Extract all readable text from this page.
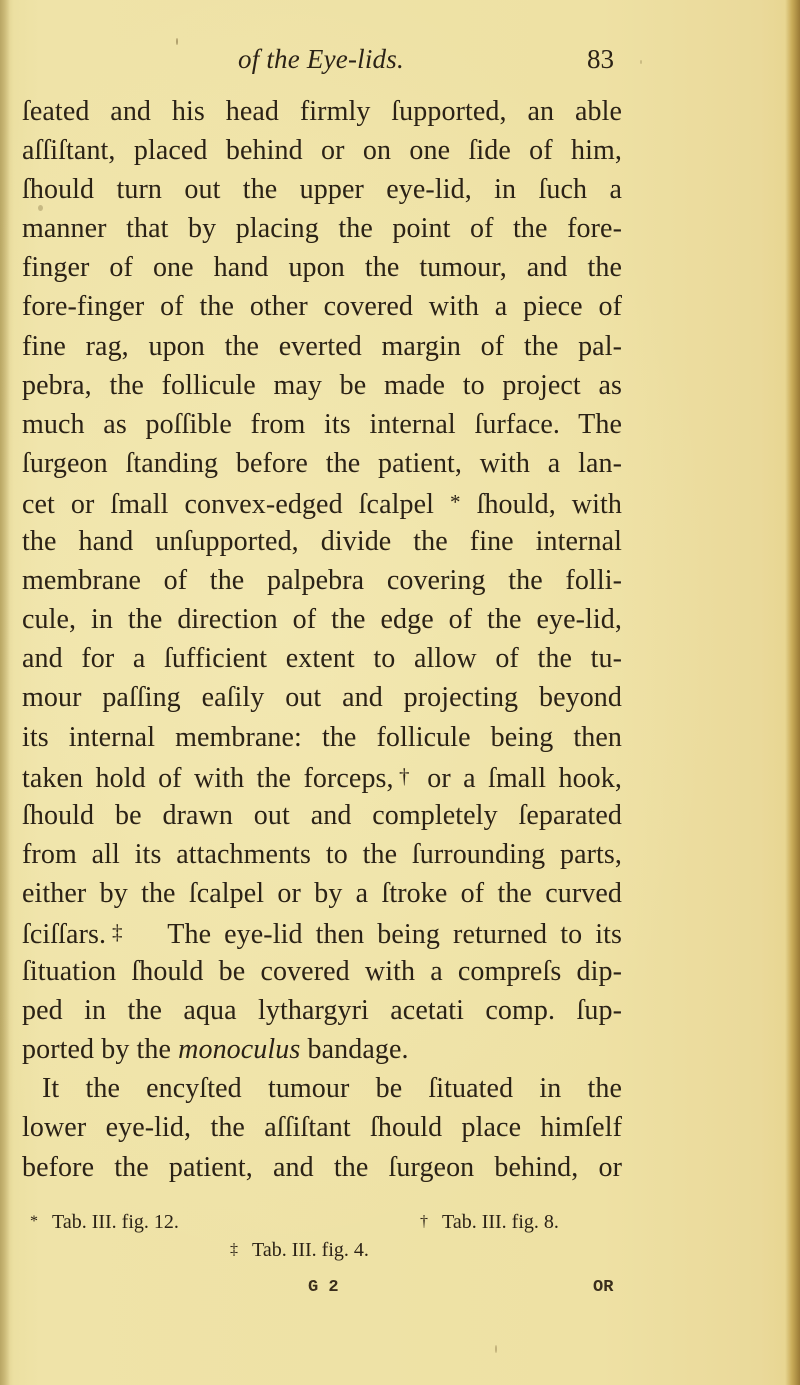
of the Eye-lids.	83
ſeated and his head firmly ſupported, an able
aſſiſtant, placed behind or on one ſide of him,
ſhould turn out the upper eye-lid, in ſuch a
manner that by placing the point of the fore-
finger of one hand upon the tumour, and the
fore-finger of the other covered with a piece of
fine rag, upon the everted margin of the pal-
pebra, the follicule may be made to project as
much as poſſible from its internal ſurface. The
ſurgeon ſtanding before the patient, with a lan-
cet or ſmall convex-edged ſcalpel * ſhould, with
the hand unſupported, divide the fine internal
membrane of the palpebra covering the folli-
cule, in the direction of the edge of the eye-lid,
and for a ſufficient extent to allow of the tu-
mour paſſing eaſily out and projecting beyond
its internal membrane: the follicule being then
taken hold of with the forceps,† or a ſmall hook,
ſhould be drawn out and completely ſeparated
from all its attachments to the ſurrounding parts,
either by the ſcalpel or by a ſtroke of the curved
ſciſſars.‡ The eye-lid then being returned to its
ſituation ſhould be covered with a compreſs dip-
ped in the aqua lythargyri acetati comp. ſup-
ported by the monoculus bandage.
It the encyſted tumour be ſituated in the
lower eye-lid, the aſſiſtant ſhould place himſelf
before the patient, and the ſurgeon behind, or
* Tab. III. fig. 12.	† Tab. III. fig. 8.
‡ Tab. III. fig. 4.
G 2	OR
